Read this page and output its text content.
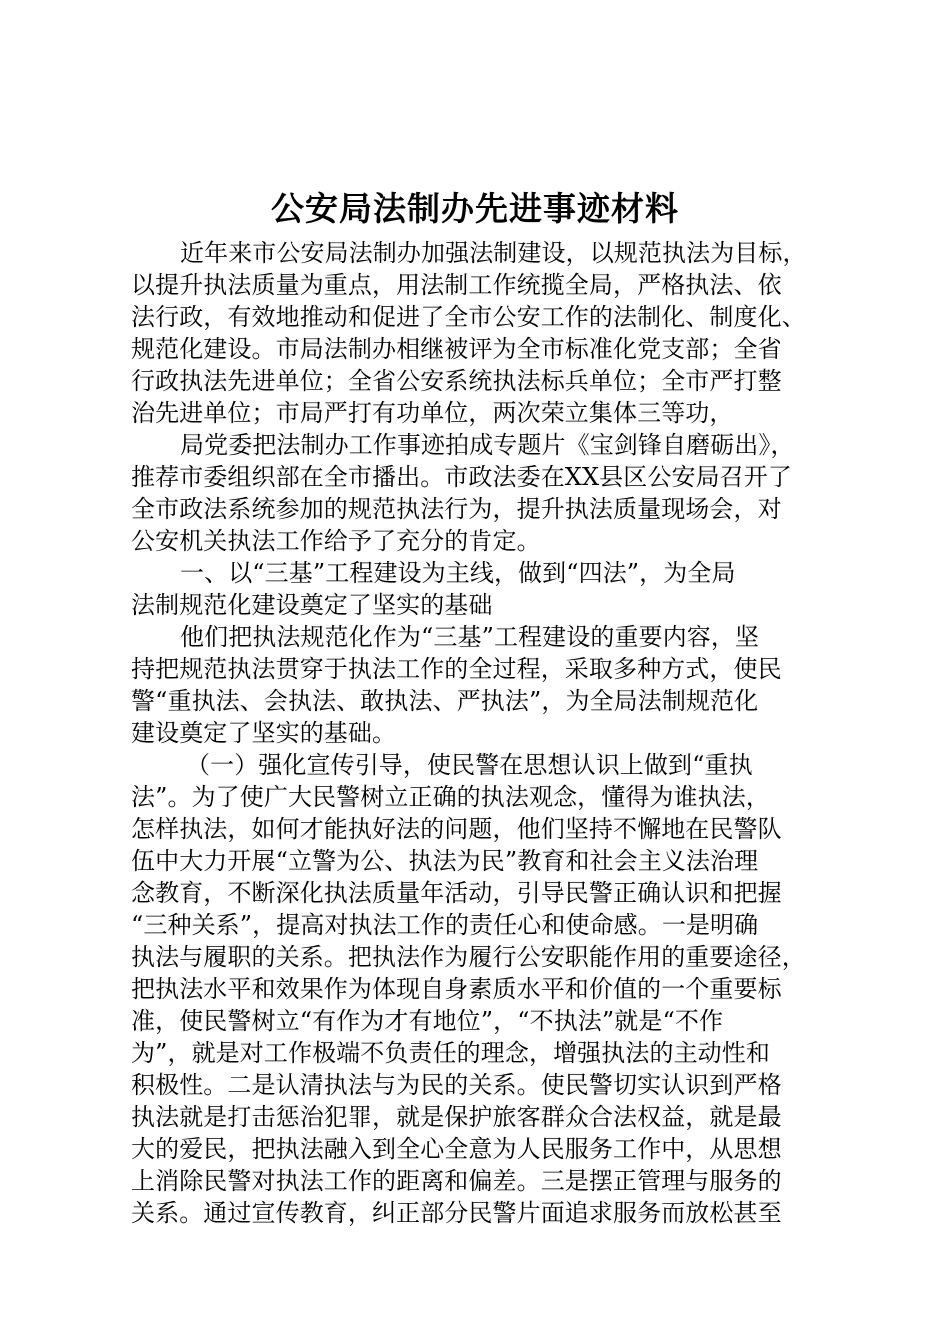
公安局法制办先进事迹材料
近年来市公安局法制办加强法制建设，以规范执法为目标，
以提升执法质量为重点，用法制工作统揽全局，严格执法、依
法行政，有效地推动和促进了全市公安工作的法制化、制度化、
规范化建设。市局法制办相继被评为全市标准化党支部；全省
行政执法先进单位；全省公安系统执法标兵单位；全市严打整
治先进单位；市局严打有功单位，两次荣立集体三等功，
局党委把法制办工作事迹拍成专题片《宝剑锋自磨砺出》，
推荐市委组织部在全市播出。市政法委在XX县区公安局召开了
全市政法系统参加的规范执法行为，提升执法质量现场会，对
公安机关执法工作给予了充分的肯定。
一、以“三基”工程建设为主线，做到“四法”，为全局
法制规范化建设奠定了坚实的基础
他们把执法规范化作为“三基”工程建设的重要内容，坚
持把规范执法贯穿于执法工作的全过程，采取多种方式，使民
警“重执法、会执法、敢执法、严执法”，为全局法制规范化
建设奠定了坚实的基础。
（一）强化宣传引导，使民警在思想认识上做到“重执
法”。为了使广大民警树立正确的执法观念，懂得为谁执法，
怎样执法，如何才能执好法的问题，他们坚持不懈地在民警队
伍中大力开展“立警为公、执法为民”教育和社会主义法治理
念教育，不断深化执法质量年活动，引导民警正确认识和把握
“三种关系”，提高对执法工作的责任心和使命感。一是明确
执法与履职的关系。把执法作为履行公安职能作用的重要途径，
把执法水平和效果作为体现自身素质水平和价值的一个重要标
准，使民警树立“有作为才有地位”，“不执法”就是“不作
为”，就是对工作极端不负责任的理念，增强执法的主动性和
积极性。二是认清执法与为民的关系。使民警切实认识到严格
执法就是打击惩治犯罪，就是保护旅客群众合法权益，就是最
大的爱民，把执法融入到全心全意为人民服务工作中，从思想
上消除民警对执法工作的距离和偏差。三是摆正管理与服务的
关系。通过宣传教育，纠正部分民警片面追求服务而放松甚至
